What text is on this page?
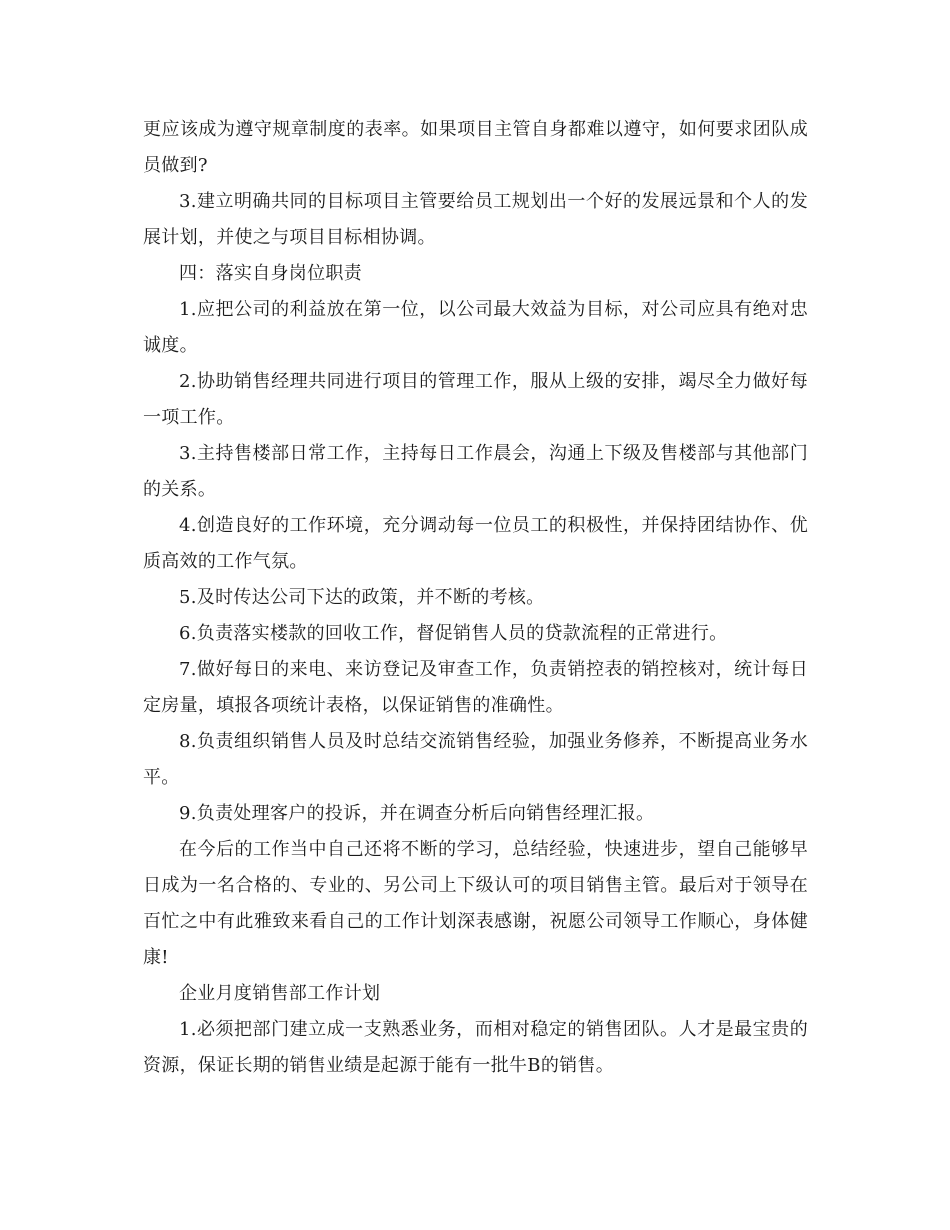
更应该成为遵守规章制度的表率。如果项目主管自身都难以遵守，如何要求团队成员做到?

3.建立明确共同的目标项目主管要给员工规划出一个好的发展远景和个人的发展计划，并使之与项目目标相协调。

四：落实自身岗位职责

1.应把公司的利益放在第一位，以公司最大效益为目标，对公司应具有绝对忠诚度。

2.协助销售经理共同进行项目的管理工作，服从上级的安排，竭尽全力做好每一项工作。

3.主持售楼部日常工作，主持每日工作晨会，沟通上下级及售楼部与其他部门的关系。

4.创造良好的工作环境，充分调动每一位员工的积极性，并保持团结协作、优质高效的工作气氛。

5.及时传达公司下达的政策，并不断的考核。

6.负责落实楼款的回收工作，督促销售人员的贷款流程的正常进行。

7.做好每日的来电、来访登记及审查工作，负责销控表的销控核对，统计每日定房量，填报各项统计表格，以保证销售的准确性。

8.负责组织销售人员及时总结交流销售经验，加强业务修养，不断提高业务水平。

9.负责处理客户的投诉，并在调查分析后向销售经理汇报。

在今后的工作当中自己还将不断的学习，总结经验，快速进步，望自己能够早日成为一名合格的、专业的、另公司上下级认可的项目销售主管。最后对于领导在百忙之中有此雅致来看自己的工作计划深表感谢，祝愿公司领导工作顺心，身体健康!

企业月度销售部工作计划

1.必须把部门建立成一支熟悉业务，而相对稳定的销售团队。人才是最宝贵的资源，保证长期的销售业绩是起源于能有一批牛B的销售。
